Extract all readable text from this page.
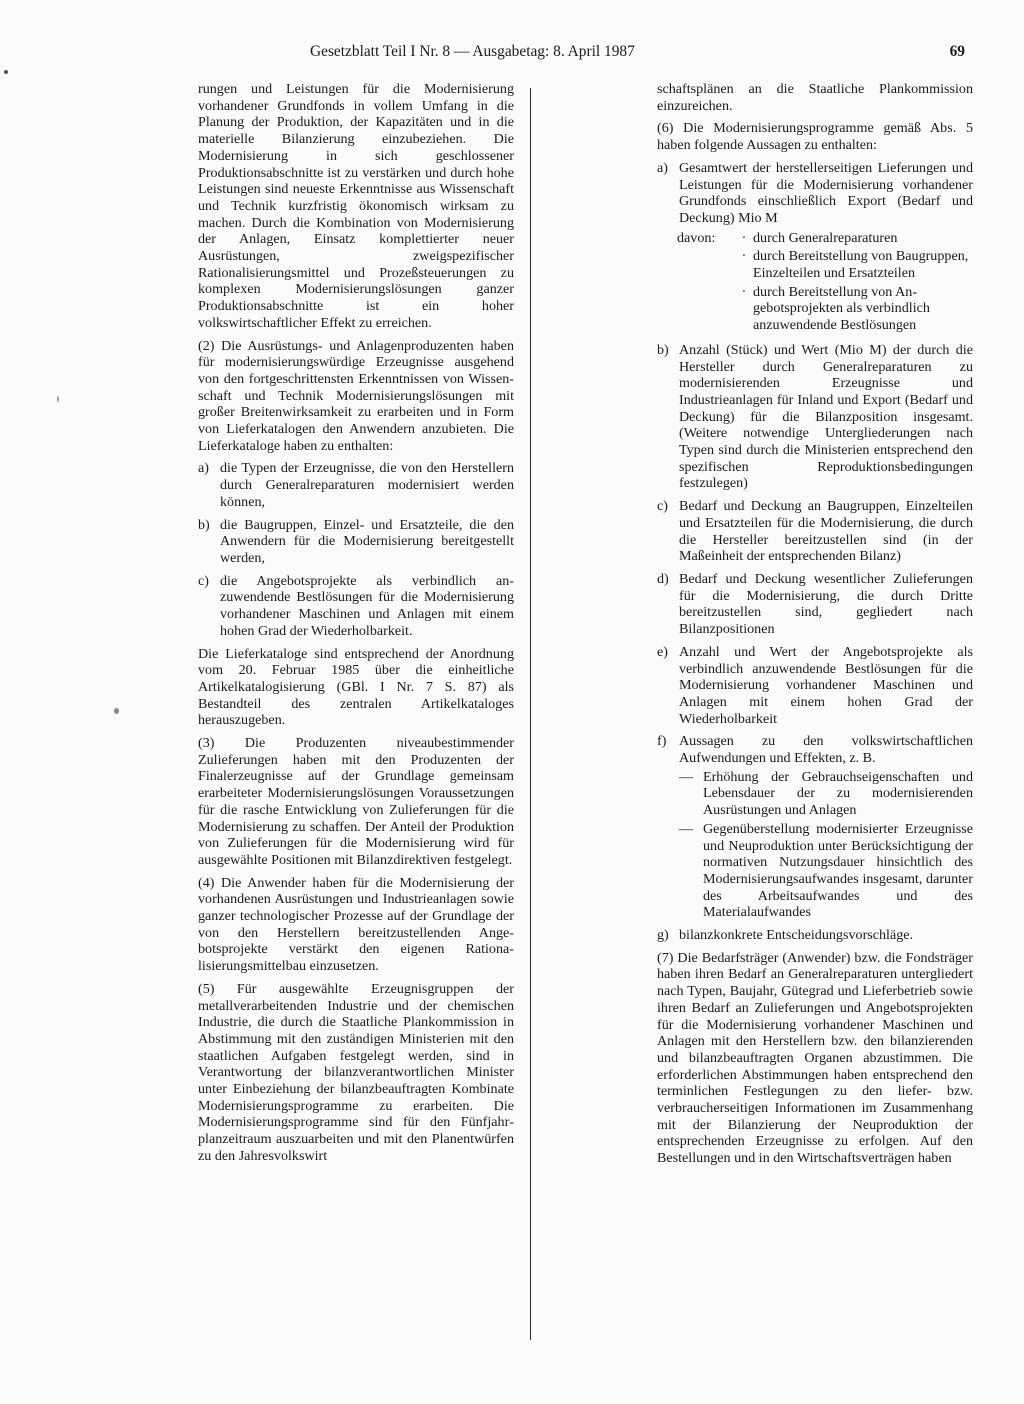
Gesetzblatt Teil I Nr. 8 — Ausgabetag: 8. April 1987	69

rungen und Leistungen für die Modernisierung vorhandener Grundfonds in vollem Umfang in die Planung der Produktion, der Kapazitäten und in die materielle Bilanzierung einzubeziehen. Die Modernisierung in sich geschlossener Produktionsabschnitte ist zu verstärken und durch hohe Leistungen sind neueste Erkenntnisse aus Wissenschaft und Technik kurzfristig ökonomisch wirksam zu machen. Durch die Kombination von Modernisierung der Anlagen, Einsatz komplettierter neuer Ausrüstungen, zweigspezifischer Rationalisierungsmittel und Prozeßsteuerungen zu komplexen Modernisierungslösungen ganzer Produktionsabschnitte ist ein hoher volkswirtschaftlicher Effekt zu erreichen.

(2) Die Ausrüstungs- und Anlagenproduzenten haben für modernisierungswürdige Erzeugnisse ausgehend von den fortgeschrittensten Erkenntnissen von Wissenschaft und Technik Modernisierungslösungen mit großer Breitenwirksamkeit zu erarbeiten und in Form von Lieferkatalogen den Anwendern anzubieten. Die Lieferkataloge haben zu enthalten:

a) die Typen der Erzeugnisse, die von den Herstellern durch Generalreparaturen modernisiert werden können,
b) die Baugruppen, Einzel- und Ersatzteile, die den Anwendern für die Modernisierung bereitgestellt werden,
c) die Angebotsprojekte als verbindlich anzuwendende Bestlösungen für die Modernisierung vorhandener Maschinen und Anlagen mit einem hohen Grad der Wiederholbarkeit.

Die Lieferkataloge sind entsprechend der Anordnung vom 20. Februar 1985 über die einheitliche Artikelkatalogisierung (GBl. I Nr. 7 S. 87) als Bestandteil des zentralen Artikelkataloges herauszugeben.

(3) Die Produzenten niveaubestimmender Zulieferungen haben mit den Produzenten der Finalerzeugnisse auf der Grundlage gemeinsam erarbeiteter Modernisierungslösungen Voraussetzungen für die rasche Entwicklung von Zulieferungen für die Modernisierung zu schaffen. Der Anteil der Produktion von Zulieferungen für die Modernisierung wird für ausgewählte Positionen mit Bilanzdirektiven festgelegt.

(4) Die Anwender haben für die Modernisierung der vorhandenen Ausrüstungen und Industrieanlagen sowie ganzer technologischer Prozesse auf der Grundlage der von den Herstellern bereitzustellenden Angebotsprojekte verstärkt den eigenen Rationalisierungsmittelbau einzusetzen.

(5) Für ausgewählte Erzeugnisgruppen der metallverarbeitenden Industrie und der chemischen Industrie, die durch die Staatliche Plankommission in Abstimmung mit den zuständigen Ministerien mit den staatlichen Aufgaben festgelegt werden, sind in Verantwortung der bilanzverantwortlichen Minister unter Einbeziehung der bilanzbeauftragten Kombinate Modernisierungsprogramme zu erarbeiten. Die Modernisierungsprogramme sind für den Fünfjahrplanzeitraum auszuarbeiten und mit den Planentwürfen zu den Jahresvolkswirt

schaftsplänen an die Staatliche Plankommission einzureichen.

(6) Die Modernisierungsprogramme gemäß Abs. 5 haben folgende Aussagen zu enthalten:

a) Gesamtwert der herstellerseitigen Lieferungen und Leistungen für die Modernisierung vorhandener Grundfonds einschließlich Export (Bedarf und Deckung) Mio M
davon:	· durch Generalreparaturen
· durch Bereitstellung von Baugruppen, Einzelteilen und Ersatzteilen
· durch Bereitstellung von Angebotsprojekten als verbindlich anzuwendende Bestlösungen
b) Anzahl (Stück) und Wert (Mio M) der durch die Hersteller durch Generalreparaturen zu modernisierenden Erzeugnisse und Industrieanlagen für Inland und Export (Bedarf und Deckung) für die Bilanzposition insgesamt. (Weitere notwendige Untergliederungen nach Typen sind durch die Ministerien entsprechend den spezifischen Reproduktionsbedingungen festzulegen)
c) Bedarf und Deckung an Baugruppen, Einzelteilen und Ersatzteilen für die Modernisierung, die durch die Hersteller bereitzustellen sind (in der Maßeinheit der entsprechenden Bilanz)
d) Bedarf und Deckung wesentlicher Zulieferungen für die Modernisierung, die durch Dritte bereitzustellen sind, gegliedert nach Bilanzpositionen
e) Anzahl und Wert der Angebotsprojekte als verbindlich anzuwendende Bestlösungen für die Modernisierung vorhandener Maschinen und Anlagen mit einem hohen Grad der Wiederholbarkeit
f) Aussagen zu den volkswirtschaftlichen Aufwendungen und Effekten, z. B.
— Erhöhung der Gebrauchseigenschaften und Lebensdauer der zu modernisierenden Ausrüstungen und Anlagen
— Gegenüberstellung modernisierter Erzeugnisse und Neuproduktion unter Berücksichtigung der normativen Nutzungsdauer hinsichtlich des Modernisierungsaufwandes insgesamt, darunter des Arbeitsaufwandes und des Materialaufwandes
g) bilanzkonkrete Entscheidungsvorschläge.

(7) Die Bedarfsträger (Anwender) bzw. die Fondsträger haben ihren Bedarf an Generalreparaturen untergliedert nach Typen, Baujahr, Gütegrad und Lieferbetrieb sowie ihren Bedarf an Zulieferungen und Angebotsprojekten für die Modernisierung vorhandener Maschinen und Anlagen mit den Herstellern bzw. den bilanzierenden und bilanzbeauftragten Organen abzustimmen. Die erforderlichen Abstimmungen haben entsprechend den terminlichen Festlegungen zu den liefer- bzw. verbraucherseitigen Informationen im Zusammenhang mit der Bilanzierung der Neuproduktion der entsprechenden Erzeugnisse zu erfolgen. Auf den Bestellungen und in den Wirtschaftsverträgen haben
